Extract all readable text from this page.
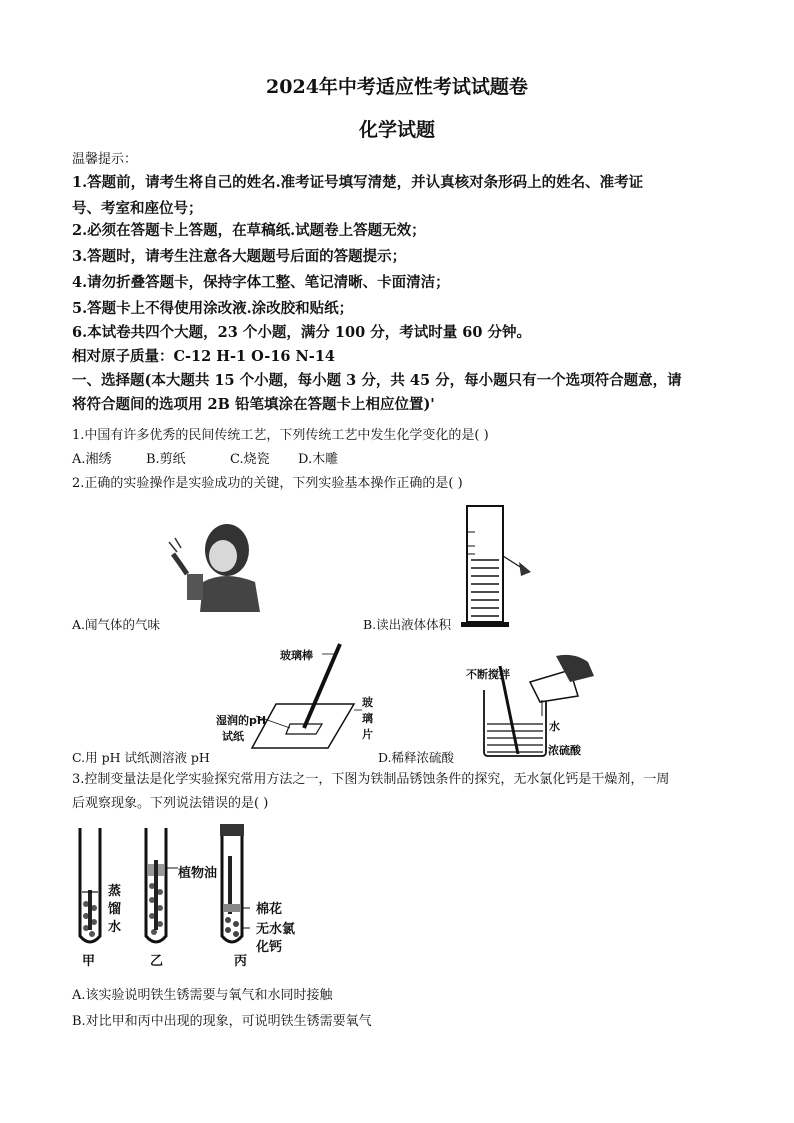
2024年中考适应性考试试题卷
化学试题
温馨提示：
1.答题前，请考生将自己的姓名.准考证号填写清楚，并认真核对条形码上的姓名、准考证
号、考室和座位号；
2.必须在答题卡上答题，在草稿纸.试题卷上答题无效；
3.答题时，请考生注意各大题题号后面的答题提示；
4.请勿折叠答题卡，保持字体工整、笔记清晰、卡面清洁；
5.答题卡上不得使用涂改液.涂改胶和贴纸；
6.本试卷共四个大题，23 个小题，满分 100 分，考试时量 60 分钟。
相对原子质量：C-12 H-1 O-16 N-14
一、选择题(本大题共 15 个小题，每小题 3 分，共 45 分，每小题只有一个选项符合题意，请
将符合题间的选项用 2B 铅笔填涂在答题卡上相应位置)'
1.中国有许多优秀的民间传统工艺，下列传统工艺中发生化学变化的是( )
A.湘绣	B.剪纸	C.烧瓷 D.木雕
2.正确的实验操作是实验成功的关键，下列实验基本操作正确的是( )
A.闻气体的气味	B.读出液体体积
玻璃棒
湿润的pH
试纸
玻
璃
片
C.用 pH 试纸测溶液 pH
不断搅拌
水
浓硫酸
D.稀释浓硫酸
3.控制变量法是化学实验探究常用方法之一，下图为铁制品锈蚀条件的探究，无水氯化钙是干燥剂，一周
后观察现象。下列说法错误的是( )
蒸
馏
水
植物油
棉花
无水氯
化钙
甲	乙	丙
A.该实验说明铁生锈需要与氧气和水同时接触
B.对比甲和丙中出现的现象，可说明铁生锈需要氧气
